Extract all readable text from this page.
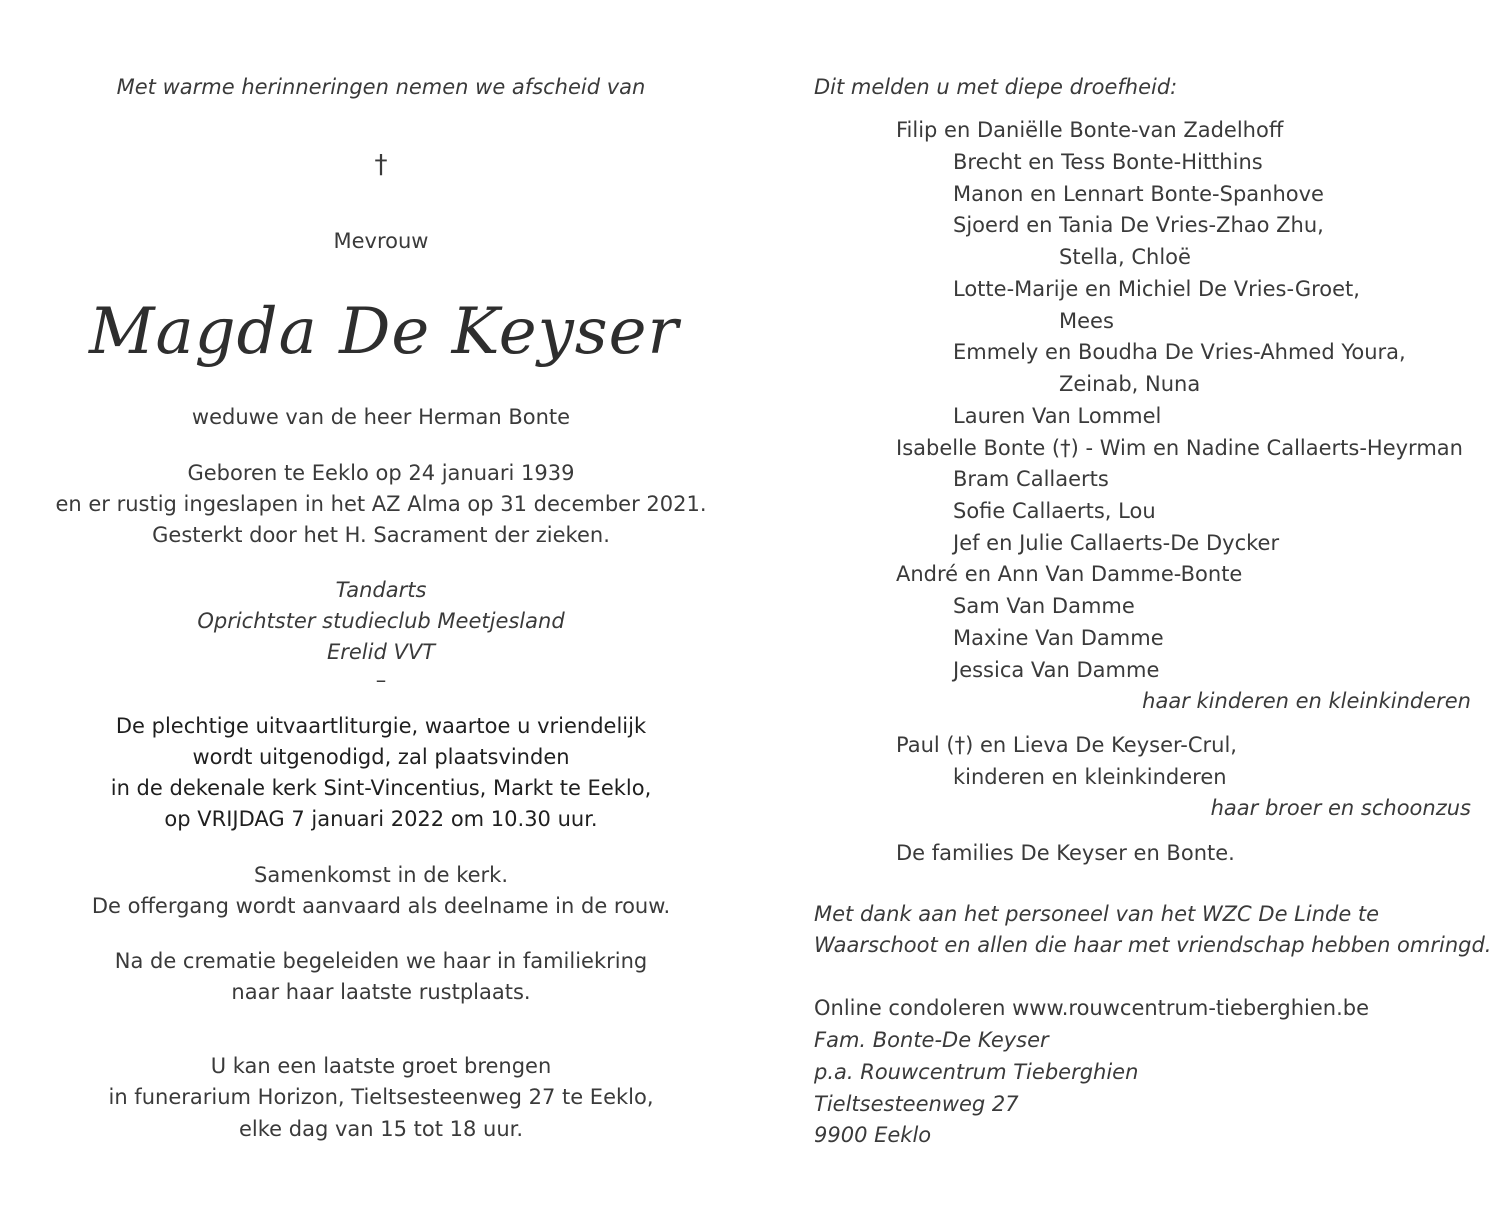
Met warme herinneringen nemen we afscheid van
†
Mevrouw
Magda De Keyser
weduwe van de heer Herman Bonte
Geboren te Eeklo op 24 januari 1939
en er rustig ingeslapen in het AZ Alma op 31 december 2021.
Gesterkt door het H. Sacrament der zieken.
Tandarts
Oprichtster studieclub Meetjesland
Erelid VVT
–
De plechtige uitvaartliturgie, waartoe u vriendelijk
wordt uitgenodigd, zal plaatsvinden
in de dekenale kerk Sint-Vincentius, Markt te Eeklo,
op VRIJDAG 7 januari 2022 om 10.30 uur.
Samenkomst in de kerk.
De offergang wordt aanvaard als deelname in de rouw.
Na de crematie begeleiden we haar in familiekring
naar haar laatste rustplaats.
U kan een laatste groet brengen
in funerarium Horizon, Tieltsesteenweg 27 te Eeklo,
elke dag van 15 tot 18 uur.
Dit melden u met diepe droefheid:
Filip en Daniëlle Bonte-van Zadelhoff
Brecht en Tess Bonte-Hitthins
Manon en Lennart Bonte-Spanhove
Sjoerd en Tania De Vries-Zhao Zhu,
Stella, Chloë
Lotte-Marije en Michiel De Vries-Groet,
Mees
Emmely en Boudha De Vries-Ahmed Youra,
Zeinab, Nuna
Lauren Van Lommel
Isabelle Bonte (†) - Wim en Nadine Callaerts-Heyrman
Bram Callaerts
Sofie Callaerts, Lou
Jef en Julie Callaerts-De Dycker
André en Ann Van Damme-Bonte
Sam Van Damme
Maxine Van Damme
Jessica Van Damme
haar kinderen en kleinkinderen
Paul (†) en Lieva De Keyser-Crul,
kinderen en kleinkinderen
haar broer en schoonzus
De families De Keyser en Bonte.
Met dank aan het personeel van het WZC De Linde te
Waarschoot en allen die haar met vriendschap hebben omringd.
Online condoleren www.rouwcentrum-tieberghien.be
Fam. Bonte-De Keyser
p.a. Rouwcentrum Tieberghien
Tieltsesteenweg 27
9900 Eeklo
